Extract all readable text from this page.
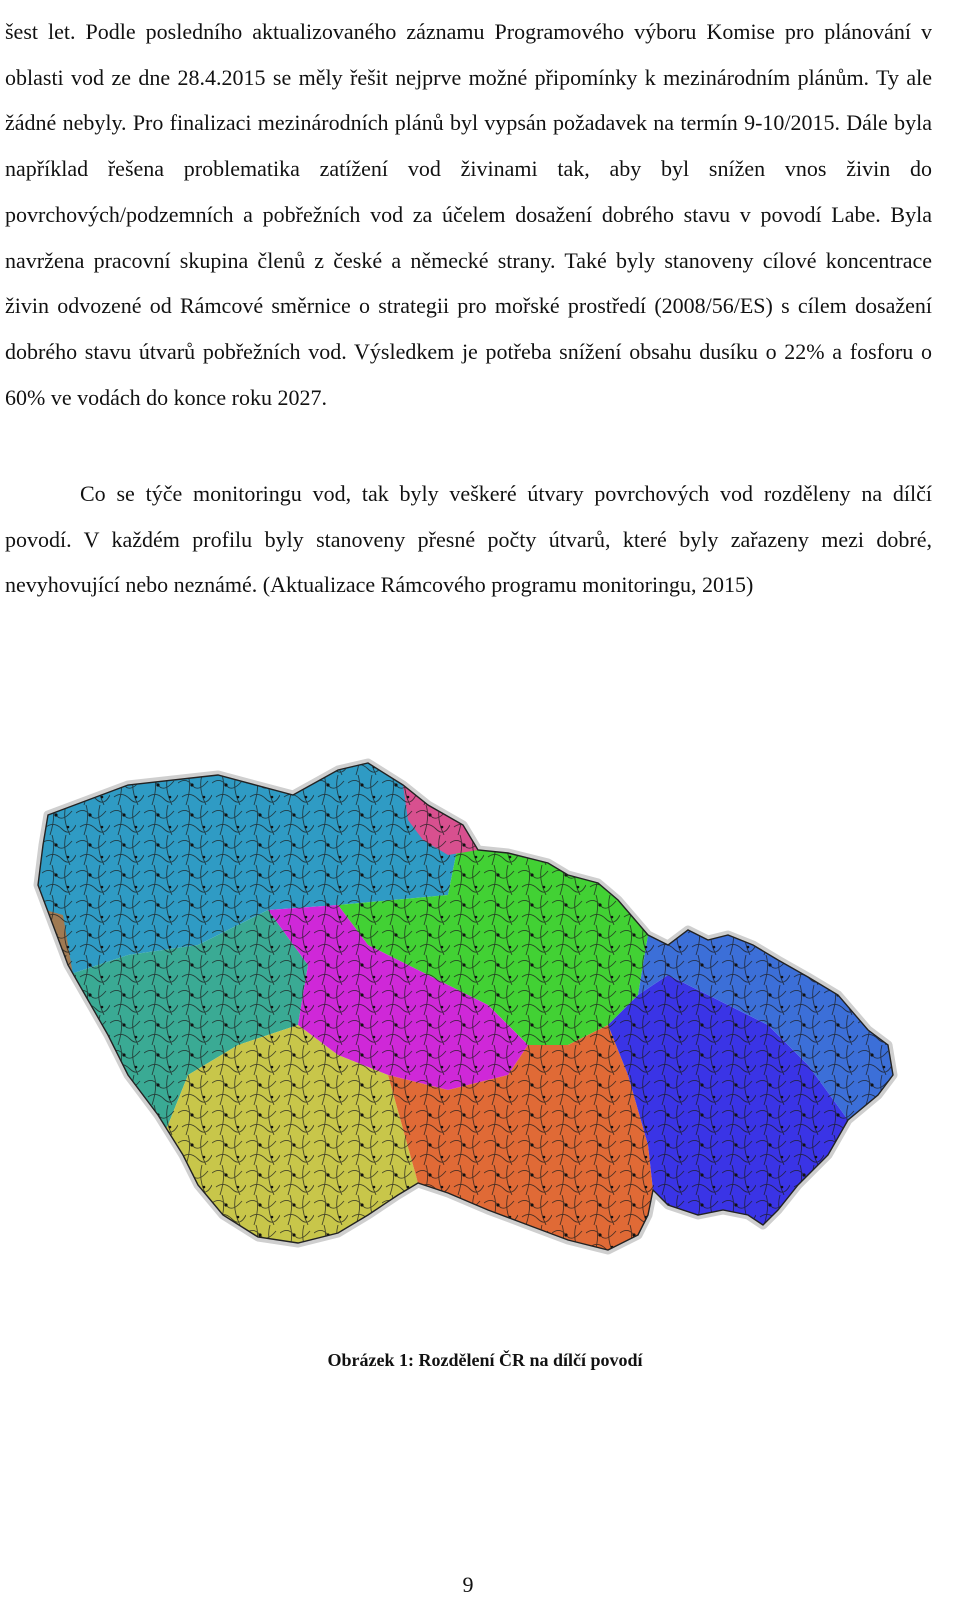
šest let. Podle posledního aktualizovaného záznamu Programového výboru Komise pro plánování v oblasti vod ze dne 28.4.2015 se měly řešit nejprve možné připomínky k mezinárodním plánům. Ty ale žádné nebyly. Pro finalizaci mezinárodních plánů byl vypsán požadavek na termín 9-10/2015. Dále byla například řešena problematika zatížení vod živinami tak, aby byl snížen vnos živin do povrchových/podzemních a pobřežních vod za účelem dosažení dobrého stavu v povodí Labe. Byla navržena pracovní skupina členů z české a německé strany. Také byly stanoveny cílové koncentrace živin odvozené od Rámcové směrnice o strategii pro mořské prostředí (2008/56/ES) s cílem dosažení dobrého stavu útvarů pobřežních vod. Výsledkem je potřeba snížení obsahu dusíku o 22% a fosforu o 60% ve vodách do konce roku 2027.

Co se týče monitoringu vod, tak byly veškeré útvary povrchových vod rozděleny na dílčí povodí. V každém profilu byly stanoveny přesné počty útvarů, které byly zařazeny mezi dobré, nevyhovující nebo neznámé. (Aktualizace Rámcového programu monitoringu, 2015)

Obrázek 1: Rozdělení ČR na dílčí povodí
9
